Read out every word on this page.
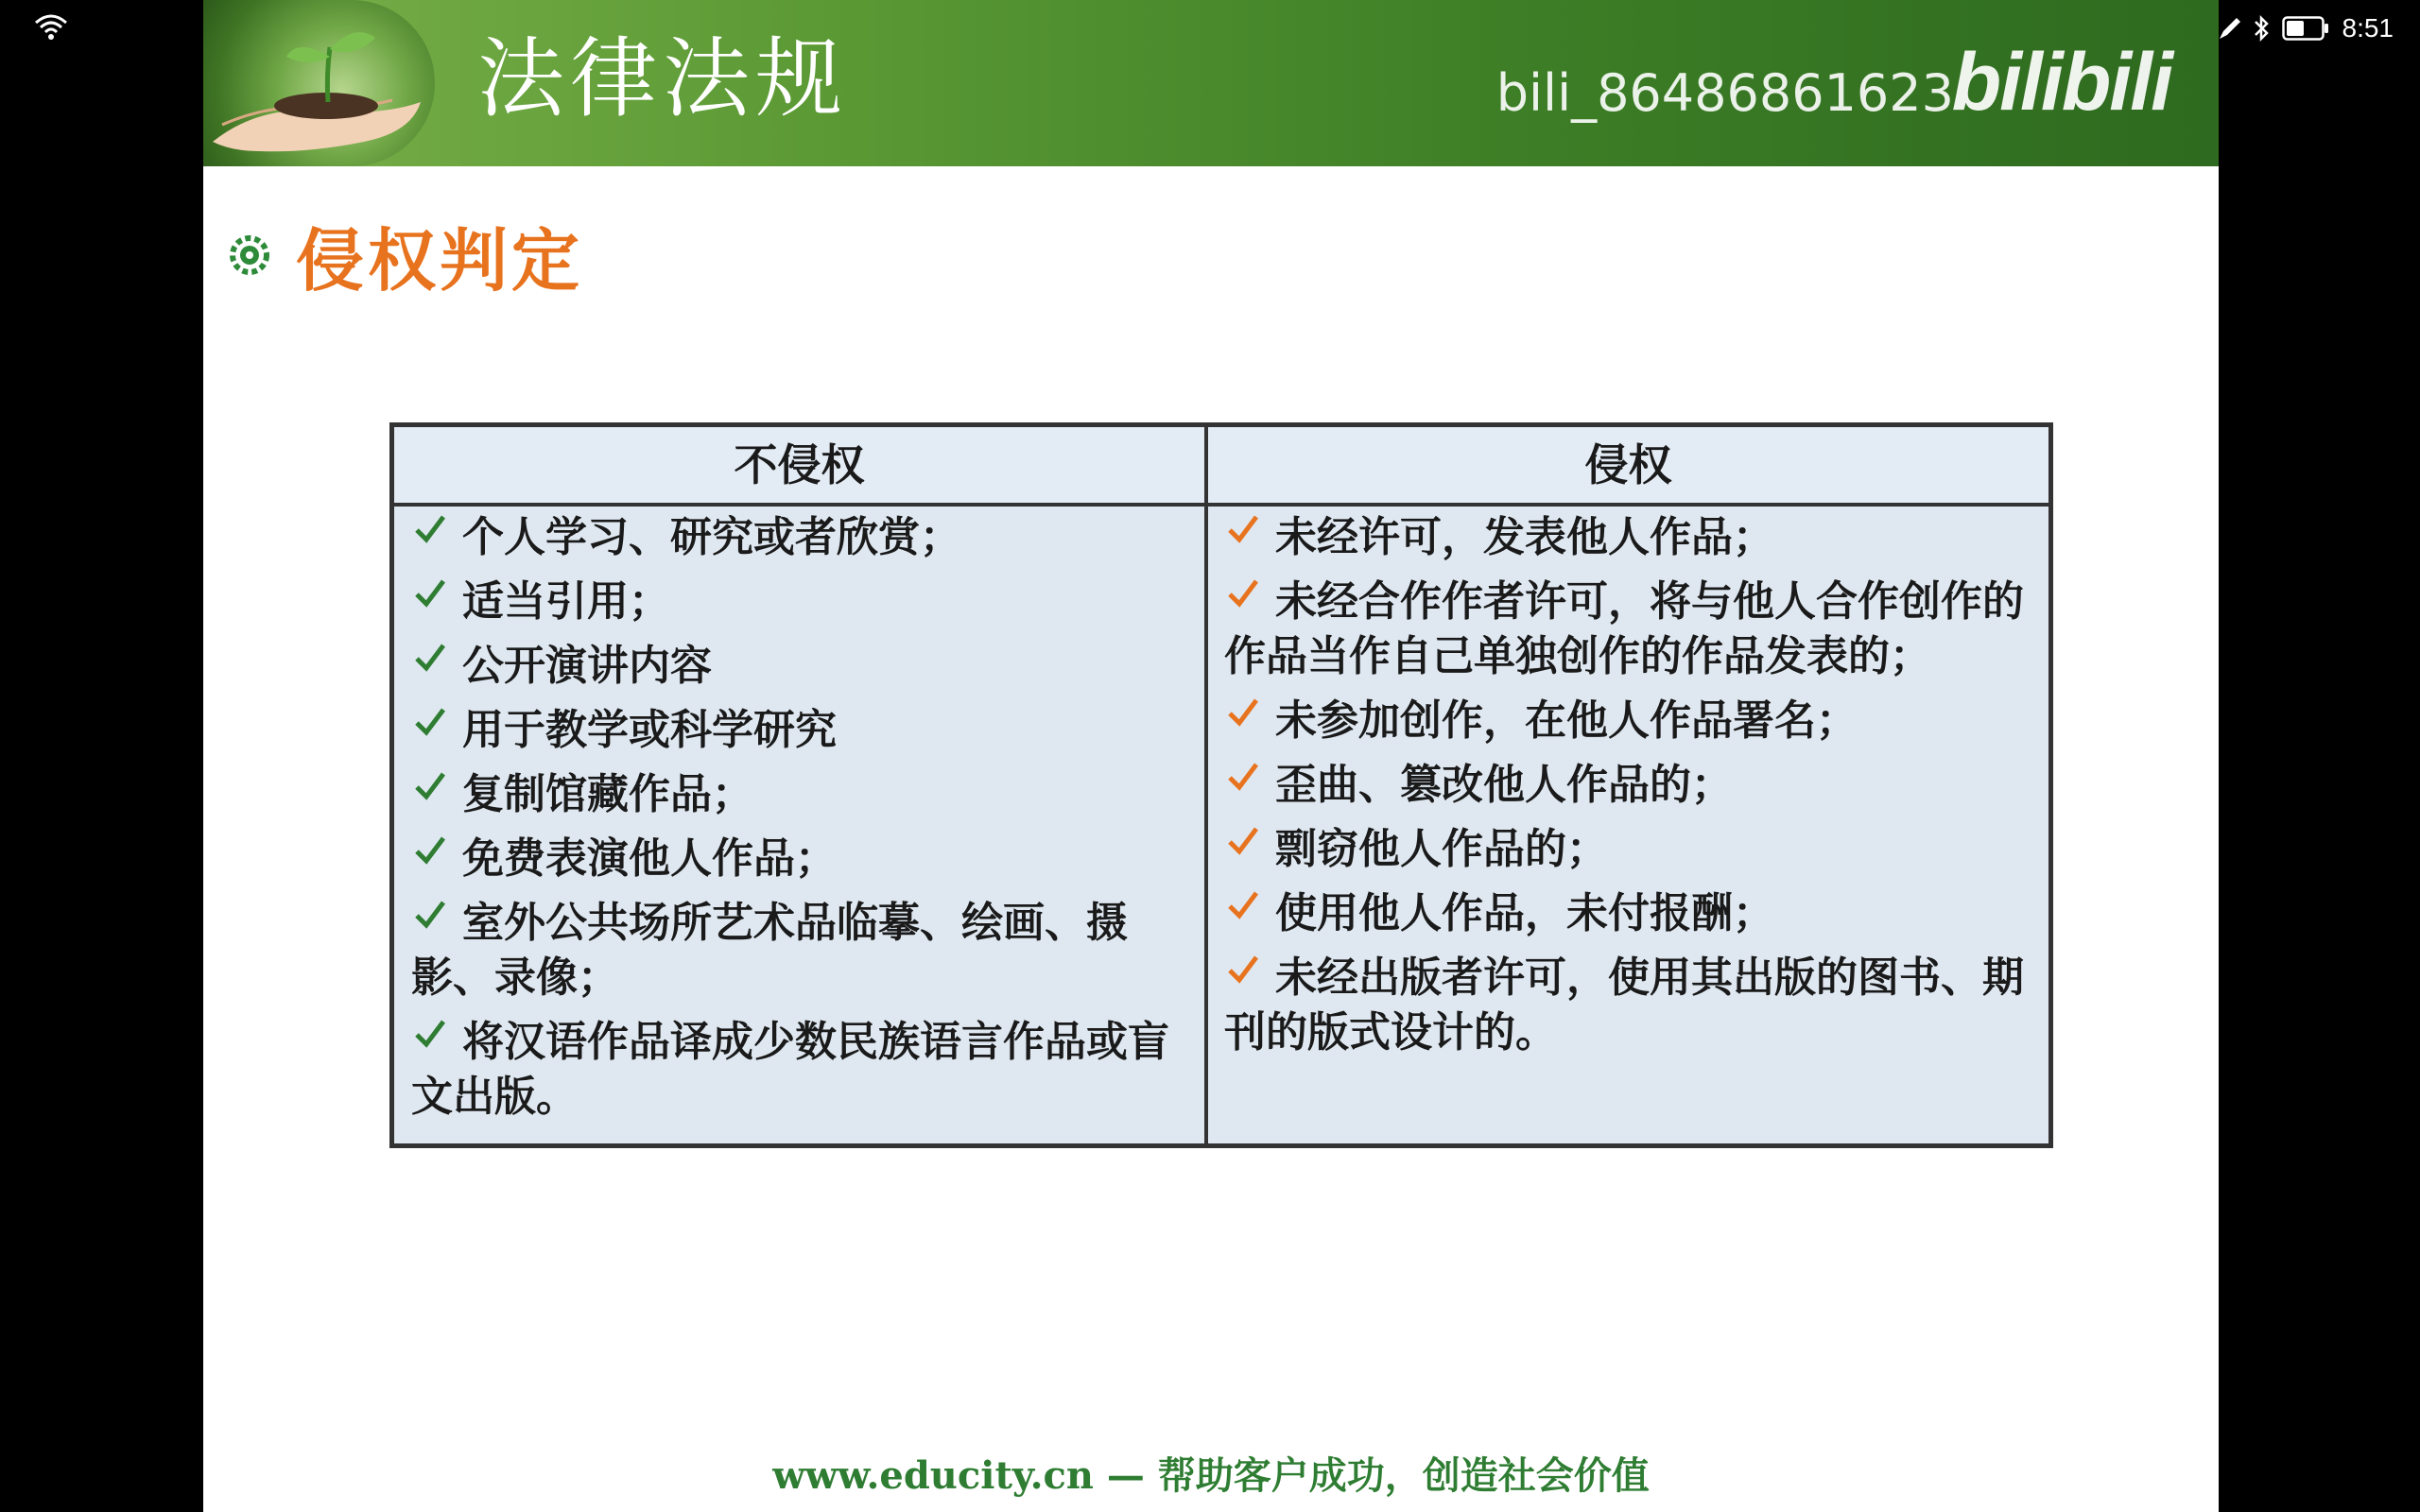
8:51
法律法规	bili_86486861623
bilibili
侵权判定
不侵权	侵权

个人学习、研究或者欣赏；

适当引用；

公开演讲内容

用于教学或科学研究

复制馆藏作品；

免费表演他人作品；

室外公共场所艺术品临摹、绘画、摄影、录像；

将汉语作品译成少数民族语言作品或盲文出版。

未经许可，发表他人作品；

未经合作作者许可，将与他人合作创作的作品当作自己单独创作的作品发表的；

未参加创作，在他人作品署名；

歪曲、篡改他人作品的；

剽窃他人作品的；

使用他人作品，未付报酬；

未经出版者许可，使用其出版的图书、期刊的版式设计的。

www.educity.cn — 帮助客户成功，创造社会价值
